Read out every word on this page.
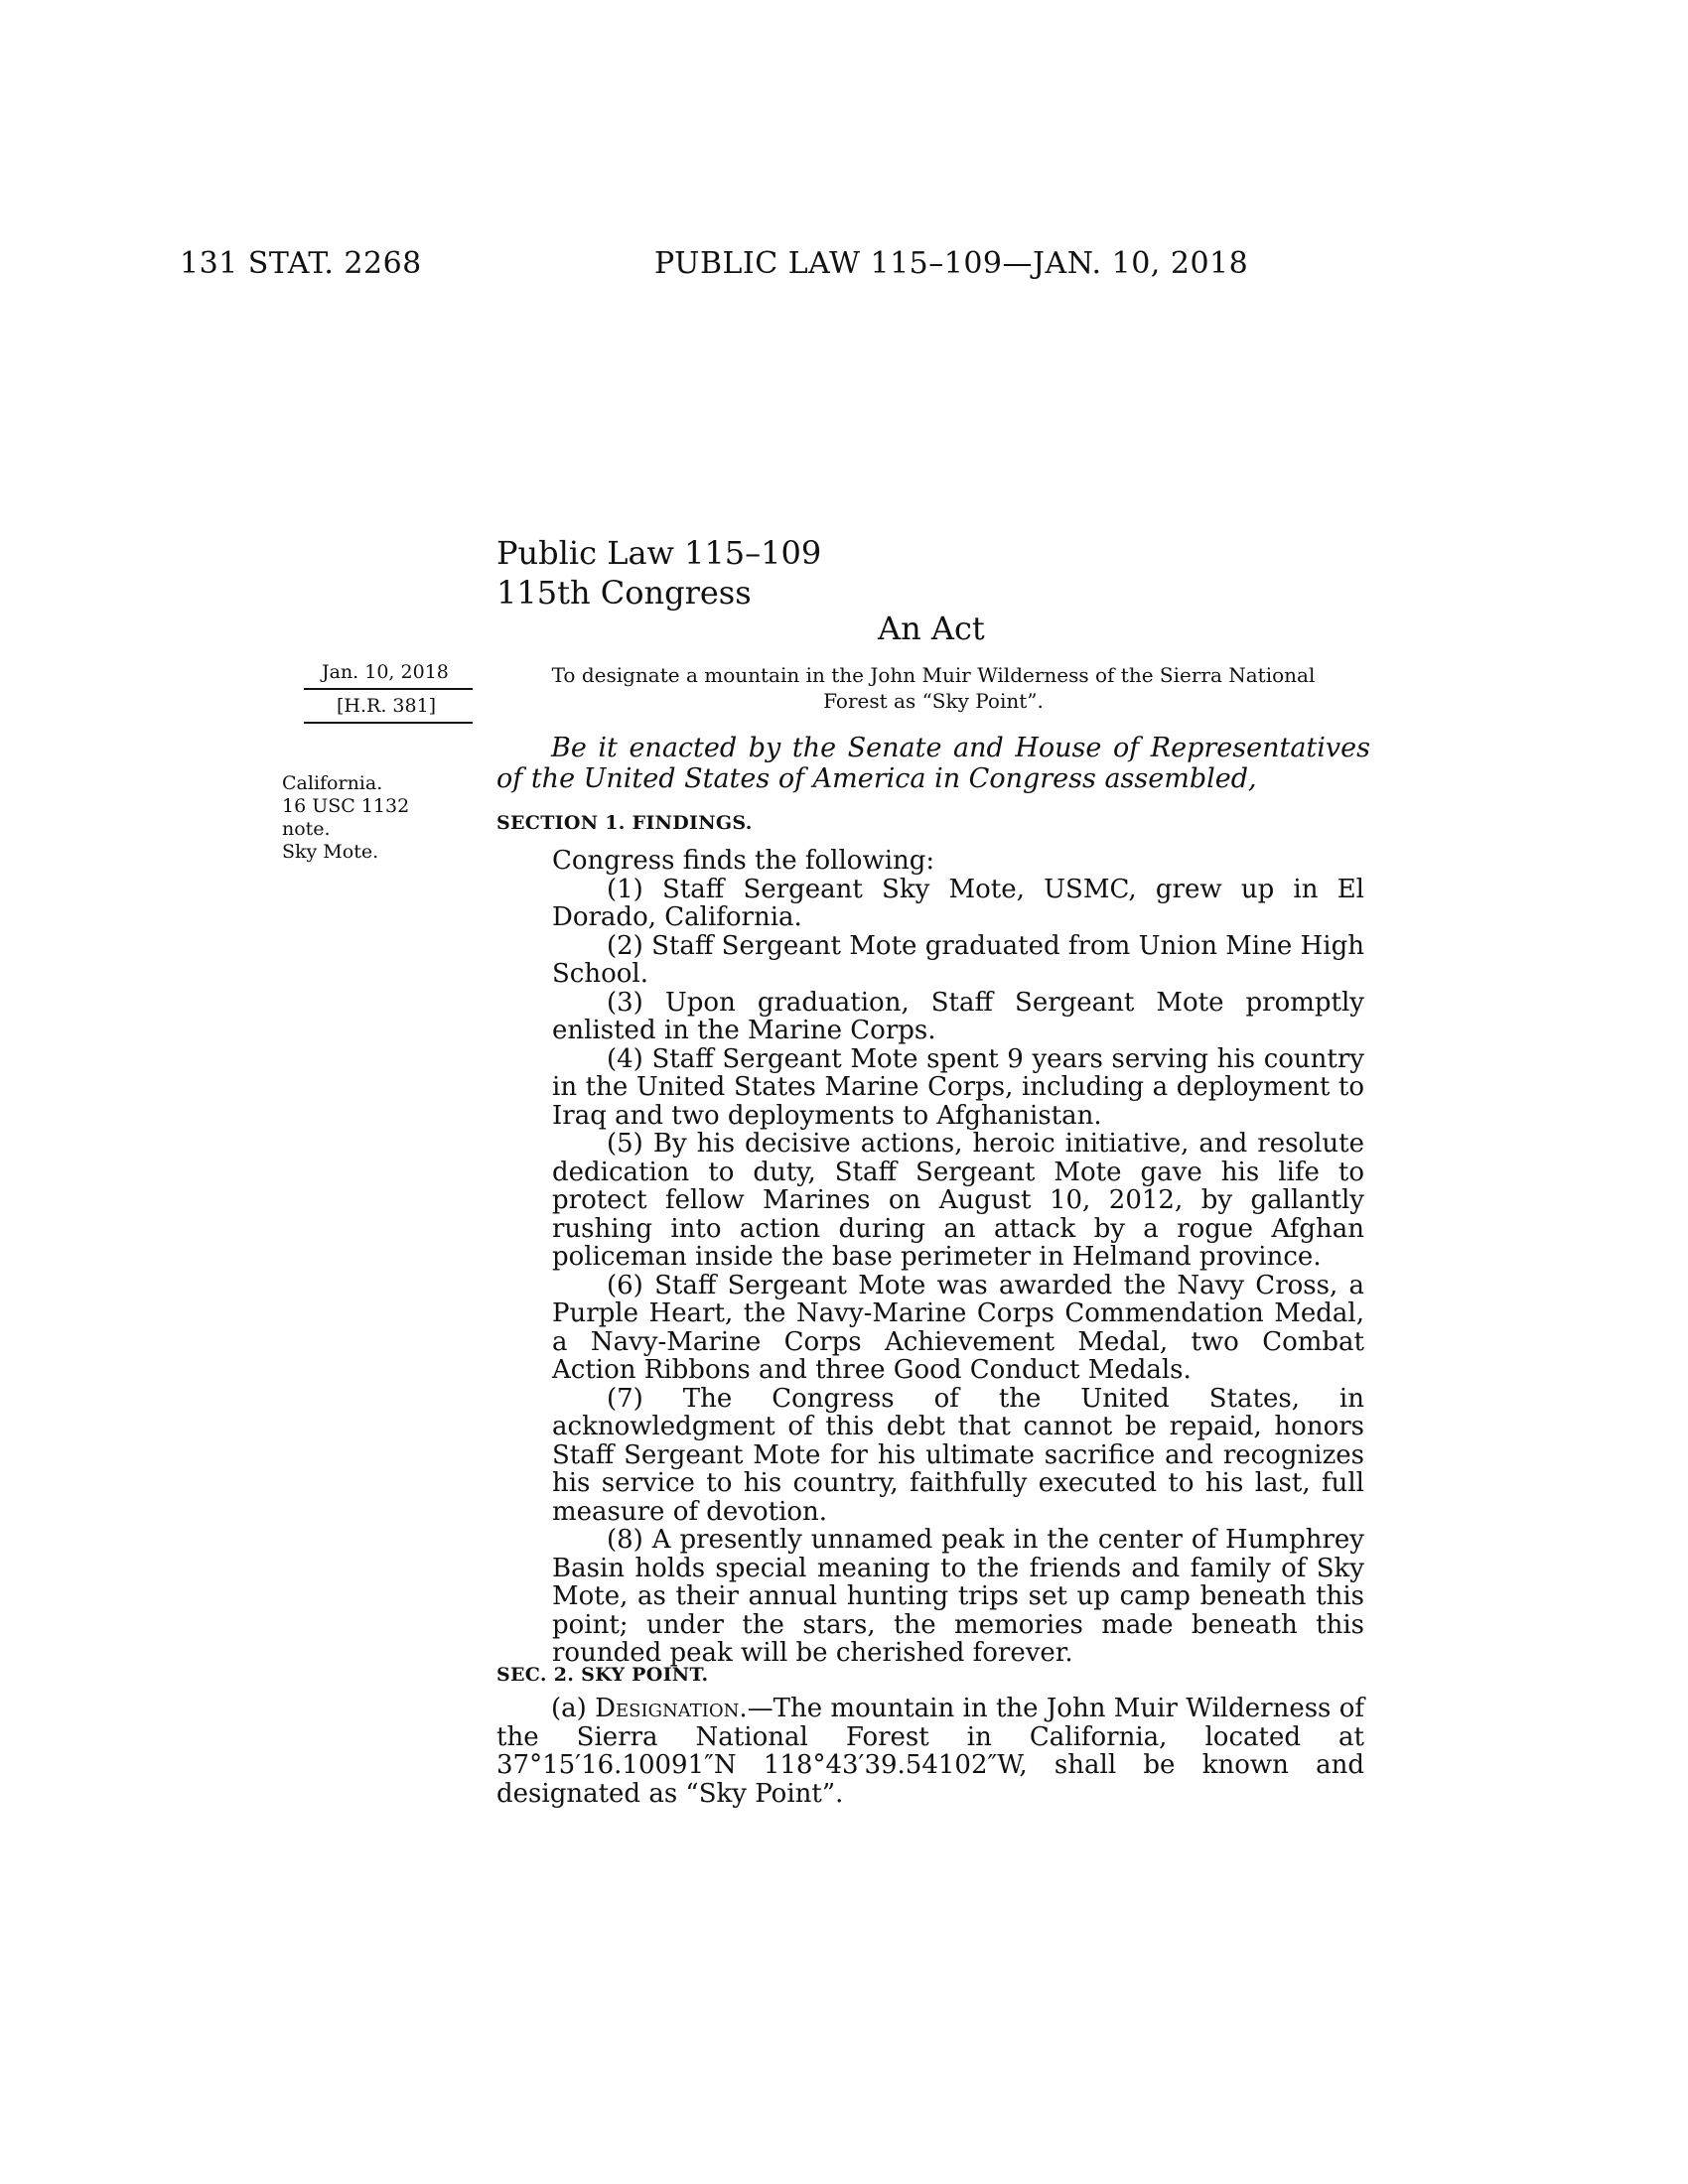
131 STAT. 2268	PUBLIC LAW 115–109—JAN. 10, 2018
Public Law 115–109
115th Congress
An Act
Jan. 10, 2018
[H.R. 381]
California.
16 USC 1132
note.
Sky Mote.
To designate a mountain in the John Muir Wilderness of the Sierra National
Forest as “Sky Point”.
Be it enacted by the Senate and House of Representatives of the United States of America in Congress assembled,
SECTION 1. FINDINGS.

Congress finds the following:

(1) Staff Sergeant Sky Mote, USMC, grew up in El Dorado, California.

(2) Staff Sergeant Mote graduated from Union Mine High School.

(3) Upon graduation, Staff Sergeant Mote promptly enlisted in the Marine Corps.

(4) Staff Sergeant Mote spent 9 years serving his country in the United States Marine Corps, including a deployment to Iraq and two deployments to Afghanistan.

(5) By his decisive actions, heroic initiative, and resolute dedication to duty, Staff Sergeant Mote gave his life to protect fellow Marines on August 10, 2012, by gallantly rushing into action during an attack by a rogue Afghan policeman inside the base perimeter in Helmand province.

(6) Staff Sergeant Mote was awarded the Navy Cross, a Purple Heart, the Navy-Marine Corps Commendation Medal, a Navy-Marine Corps Achievement Medal, two Combat Action Ribbons and three Good Conduct Medals.

(7) The Congress of the United States, in acknowledgment of this debt that cannot be repaid, honors Staff Sergeant Mote for his ultimate sacrifice and recognizes his service to his country, faithfully executed to his last, full measure of devotion.

(8) A presently unnamed peak in the center of Humphrey Basin holds special meaning to the friends and family of Sky Mote, as their annual hunting trips set up camp beneath this point; under the stars, the memories made beneath this rounded peak will be cherished forever.

SEC. 2. SKY POINT.

(a) Designation.—The mountain in the John Muir Wilderness of the Sierra National Forest in California, located at 37°15′16.10091″N 118°43′39.54102″W, shall be known and designated as “Sky Point”.
